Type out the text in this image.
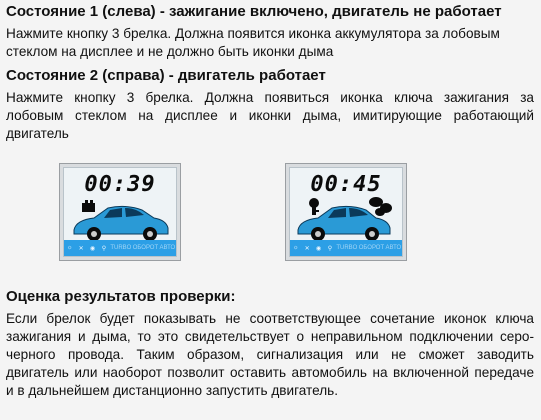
Состояние 1 (слева) - зажигание включено, двигатель не работает

Нажмите кнопку 3 брелка. Должна появится иконка аккумулятора за лобовым стеклом на дисплее и не должно быть иконки дыма

Состояние 2 (справа) - двигатель работает

Нажмите кнопку 3 брелка. Должна появиться иконка ключа зажигания за

лобовым стеклом на дисплее и иконки дыма, имитирующие работающий

двигатель

00:39
☼	✕	◉	⚲ TURBO ОБОРОТ АВТО
00:45
☼	✕	◉	⚲ TURBO ОБОРОТ АВТО
Оценка результатов проверки:

Если брелок будет показывать не соответствующее сочетание иконок ключа

зажигания и дыма, то это свидетельствует о неправильном подключении серо-

черного провода. Таким образом, сигнализация или не сможет заводить

двигатель или наоборот позволит оставить автомобиль на включенной передаче

и в дальнейшем дистанционно запустить двигатель.
